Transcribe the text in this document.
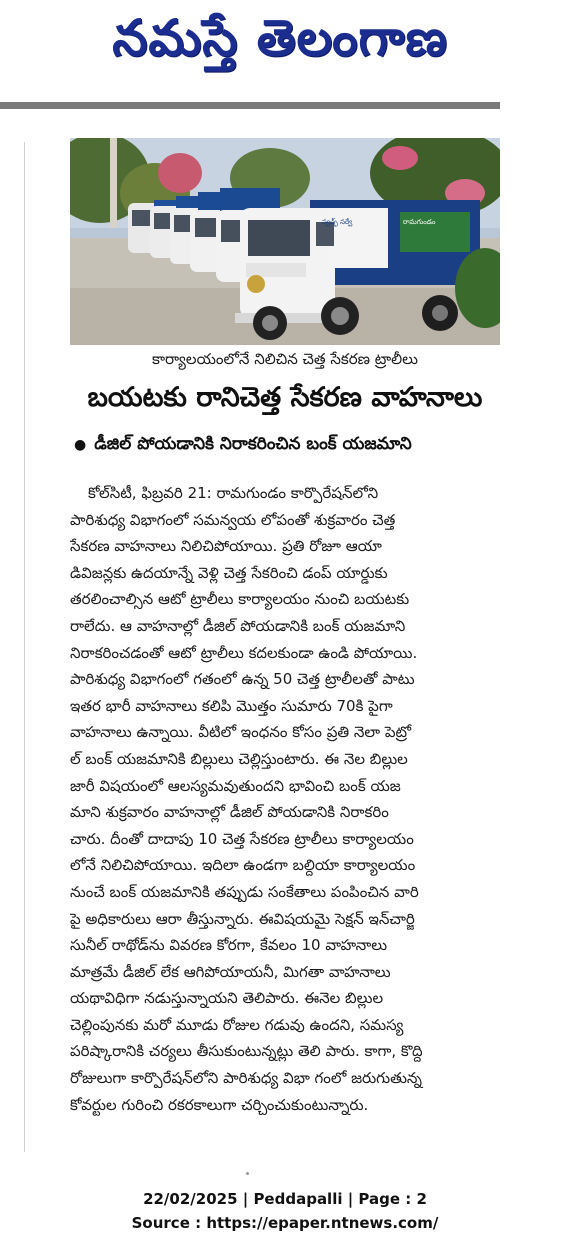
నమస్తే తెలంగాణ
స్వచ్ఛ్ సర్వే	రామగుండం
కార్యాలయంలోనే నిలిచిన చెత్త సేకరణ ట్రాలీలు
బయటకు రానిచెత్త సేకరణ వాహనాలు
● డీజిల్ పోయడానికి నిరాకరించిన బంక్ యజమాని
కోల్‌సిటీ, ఫిబ్రవరి 21: రామగుండం కార్పొరేషన్‌లోని
పారిశుధ్య విభాగంలో సమన్వయ లోపంతో శుక్రవారం చెత్త
సేకరణ వాహనాలు నిలిచిపోయాయి. ప్రతి రోజూ ఆయా
డివిజన్లకు ఉదయాన్నే వెళ్లి చెత్త సేకరించి డంప్ యార్డుకు
తరలించాల్సిన ఆటో ట్రాలీలు కార్యాలయం నుంచి బయటకు
రాలేదు. ఆ వాహనాల్లో డీజిల్ పోయడానికి బంక్ యజమాని
నిరాకరించడంతో ఆటో ట్రాలీలు కదలకుండా ఉండి పోయాయి.
పారిశుధ్య విభాగంలో గతంలో ఉన్న 50 చెత్త ట్రాలీలతో పాటు
ఇతర భారీ వాహనాలు కలిపి మొత్తం సుమారు 70కి పైగా
వాహనాలు ఉన్నాయి. వీటిలో ఇంధనం కోసం ప్రతి నెలా పెట్రో
ల్ బంక్ యజమానికి బిల్లులు చెల్లిస్తుంటారు. ఈ నెల బిల్లుల
జారీ విషయంలో ఆలస్యమవుతుందని భావించి బంక్ యజ
మాని శుక్రవారం వాహనాల్లో డీజిల్ పోయడానికి నిరాకరిం
చారు. దీంతో దాదాపు 10 చెత్త సేకరణ ట్రాలీలు కార్యాలయం
లోనే నిలిచిపోయాయి. ఇదిలా ఉండగా బల్దియా కార్యాలయం
నుంచే బంక్ యజమానికి తప్పుడు సంకేతాలు పంపించిన వారి
పై అధికారులు ఆరా తీస్తున్నారు. ఈవిషయమై సెక్షన్ ఇన్‌చార్జి
సునీల్ రాథోడ్‌ను వివరణ కోరగా, కేవలం 10 వాహనాలు
మాత్రమే డీజిల్ లేక ఆగిపోయాయనీ, మిగతా వాహనాలు
యథావిధిగా నడుస్తున్నాయని తెలిపారు. ఈనెల బిల్లుల
చెల్లింపునకు మరో మూడు రోజుల గడువు ఉందని, సమస్య
పరిష్కారానికి చర్యలు తీసుకుంటున్నట్లు తెలి పారు. కాగా, కొద్ది
రోజులుగా కార్పొరేషన్‌లోని పారిశుధ్య విభా గంలో జరుగుతున్న
కోవర్టుల గురించి రకరకాలుగా చర్చించుకుంటున్నారు.
22/02/2025 | Peddapalli | Page : 2
Source : https://epaper.ntnews.com/
